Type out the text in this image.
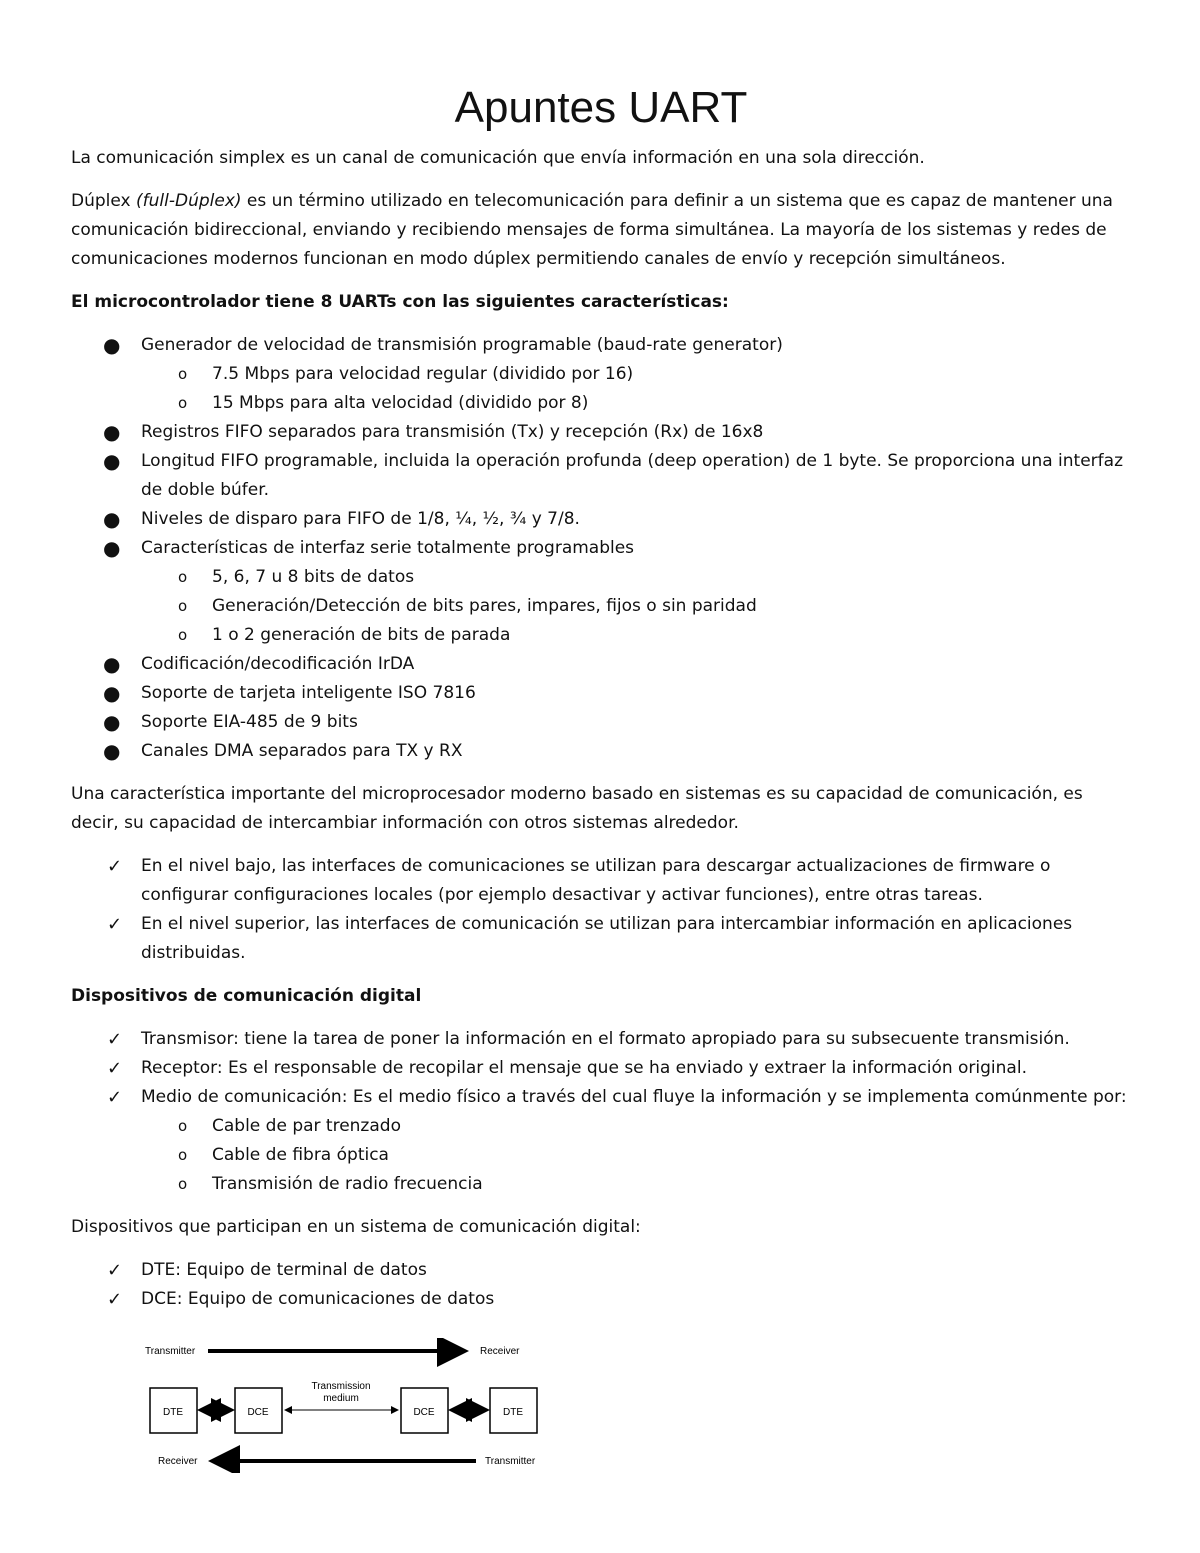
Apuntes UART

La comunicación simplex es un canal de comunicación que envía información en una sola dirección.

Dúplex (full-Dúplex) es un término utilizado en telecomunicación para definir a un sistema que es capaz de mantener una comunicación bidireccional, enviando y recibiendo mensajes de forma simultánea. La mayoría de los sistemas y redes de comunicaciones modernos funcionan en modo dúplex permitiendo canales de envío y recepción simultáneos.

El microcontrolador tiene 8 UARTs con las siguientes características:

● Generador de velocidad de transmisión programable (baud-rate generator)
o 7.5 Mbps para velocidad regular (dividido por 16)
o 15 Mbps para alta velocidad (dividido por 8)
● Registros FIFO separados para transmisión (Tx) y recepción (Rx) de 16x8
● Longitud FIFO programable, incluida la operación profunda (deep operation) de 1 byte. Se proporciona una interfaz de doble búfer.
● Niveles de disparo para FIFO de 1/8, ¼, ½, ¾ y 7/8.
● Características de interfaz serie totalmente programables
o 5, 6, 7 u 8 bits de datos
o Generación/Detección de bits pares, impares, fijos o sin paridad
o 1 o 2 generación de bits de parada
● Codificación/decodificación IrDA
● Soporte de tarjeta inteligente ISO 7816
● Soporte EIA-485 de 9 bits
● Canales DMA separados para TX y RX

Una característica importante del microprocesador moderno basado en sistemas es su capacidad de comunicación, es decir, su capacidad de intercambiar información con otros sistemas alrededor.

✓ En el nivel bajo, las interfaces de comunicaciones se utilizan para descargar actualizaciones de firmware o configurar configuraciones locales (por ejemplo desactivar y activar funciones), entre otras tareas.
✓ En el nivel superior, las interfaces de comunicación se utilizan para intercambiar información en aplicaciones distribuidas.

Dispositivos de comunicación digital

✓ Transmisor: tiene la tarea de poner la información en el formato apropiado para su subsecuente transmisión.
✓ Receptor: Es el responsable de recopilar el mensaje que se ha enviado y extraer la información original.
✓ Medio de comunicación: Es el medio físico a través del cual fluye la información y se implementa comúnmente por:
o Cable de par trenzado
o Cable de fibra óptica
o Transmisión de radio frecuencia

Dispositivos que participan en un sistema de comunicación digital:

✓ DTE: Equipo de terminal de datos
✓ DCE: Equipo de comunicaciones de datos
Transmitter	Receiver
DTE	DCE	DCE	DTE
Transmission
medium
Receiver	Transmitter
